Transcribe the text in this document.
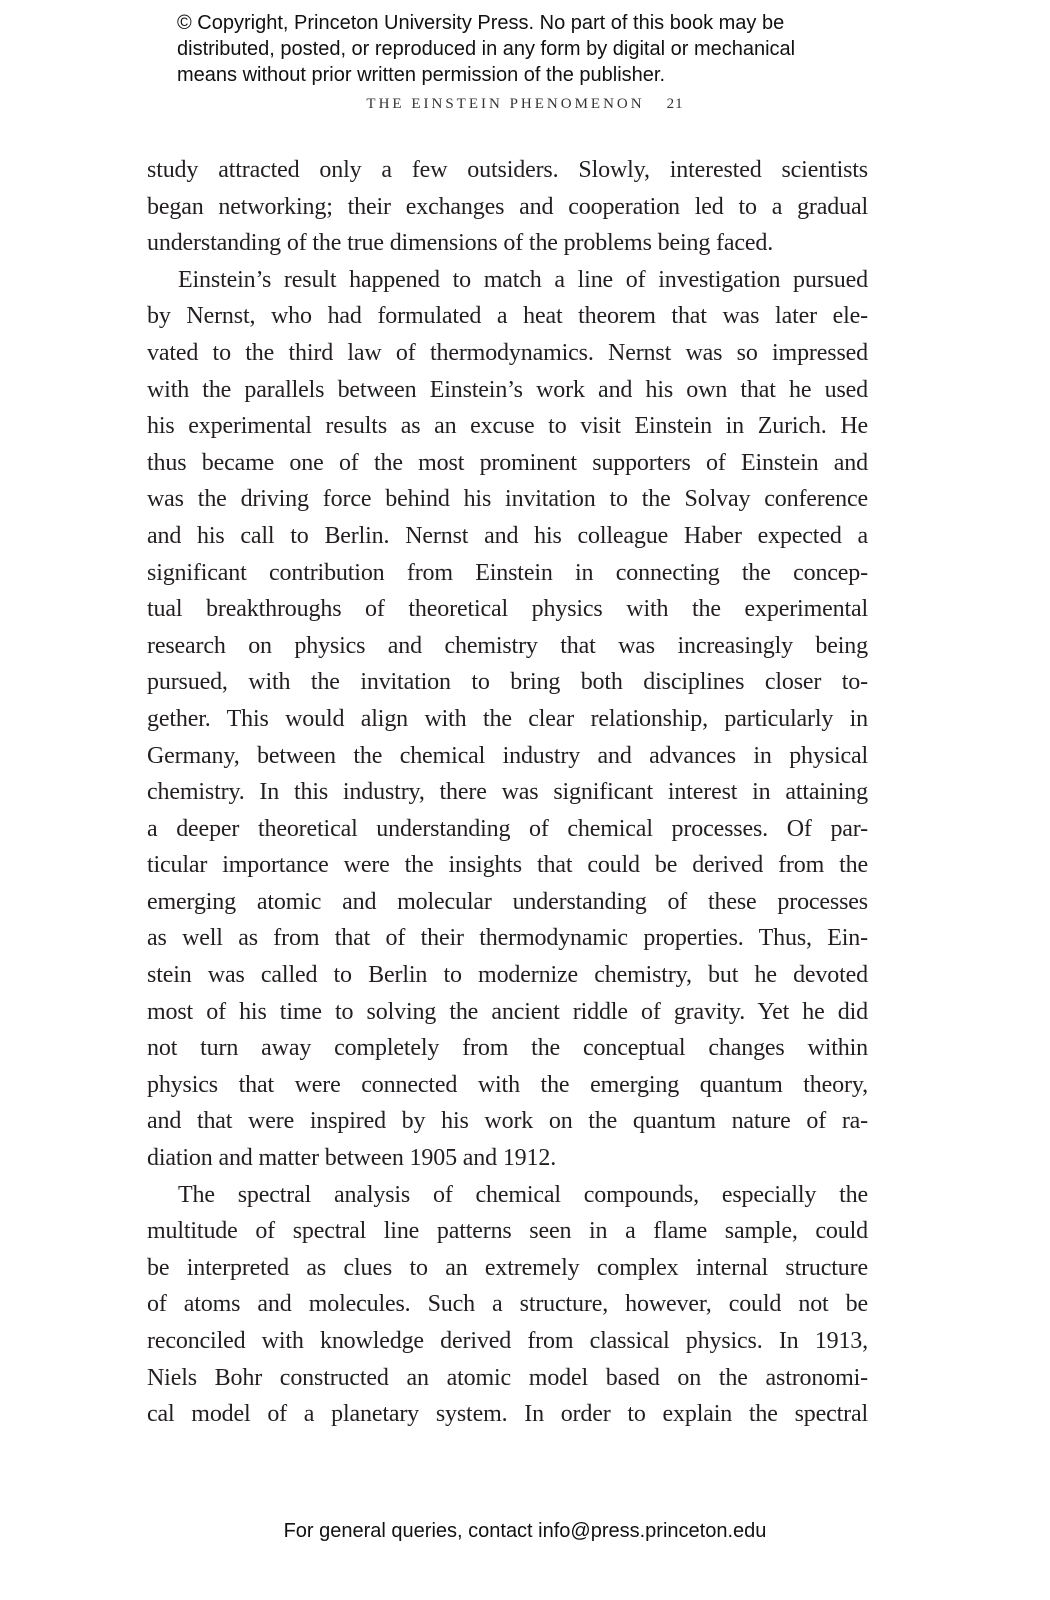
© Copyright, Princeton University Press. No part of this book may be
distributed, posted, or reproduced in any form by digital or mechanical
means without prior written permission of the publisher.
THE EINSTEIN PHENOMENON 21
study attracted only a few outsiders. Slowly, interested scientists
began networking; their exchanges and cooperation led to a gradual
understanding of the true dimensions of the problems being faced.
Einstein’s result happened to match a line of investigation pursued
by Nernst, who had formulated a heat theorem that was later ele-
vated to the third law of thermodynamics. Nernst was so impressed
with the parallels between Einstein’s work and his own that he used
his experimental results as an excuse to visit Einstein in Zurich. He
thus became one of the most prominent supporters of Einstein and
was the driving force behind his invitation to the Solvay conference
and his call to Berlin. Nernst and his colleague Haber expected a
significant contribution from Einstein in connecting the concep-
tual breakthroughs of theoretical physics with the experimental
research on physics and chemistry that was increasingly being
pursued, with the invitation to bring both disciplines closer to-
gether. This would align with the clear relationship, particularly in
Germany, between the chemical industry and advances in physical
chemistry. In this industry, there was significant interest in attaining
a deeper theoretical understanding of chemical processes. Of par-
ticular importance were the insights that could be derived from the
emerging atomic and molecular understanding of these processes
as well as from that of their thermodynamic properties. Thus, Ein-
stein was called to Berlin to modernize chemistry, but he devoted
most of his time to solving the ancient riddle of gravity. Yet he did
not turn away completely from the conceptual changes within
physics that were connected with the emerging quantum theory,
and that were inspired by his work on the quantum nature of ra-
diation and matter between 1905 and 1912.
The spectral analysis of chemical compounds, especially the
multitude of spectral line patterns seen in a flame sample, could
be interpreted as clues to an extremely complex internal structure
of atoms and molecules. Such a structure, however, could not be
reconciled with knowledge derived from classical physics. In 1913,
Niels Bohr constructed an atomic model based on the astronomi-
cal model of a planetary system. In order to explain the spectral
For general queries, contact info@press.princeton.edu
